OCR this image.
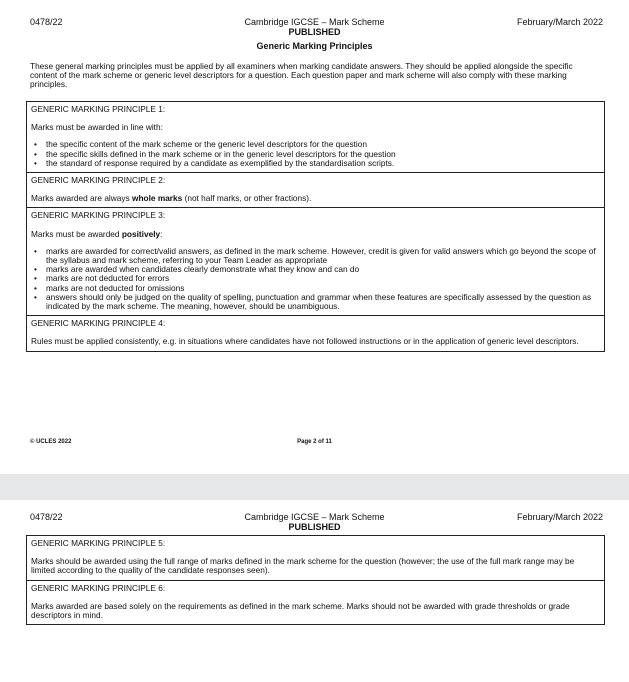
0478/22	Cambridge IGCSE – Mark Scheme	February/March 2022
PUBLISHED
Generic Marking Principles
These general marking principles must be applied by all examiners when marking candidate answers. They should be applied alongside the specific content of the mark scheme or generic level descriptors for a question. Each question paper and mark scheme will also comply with these marking principles.
GENERIC MARKING PRINCIPLE 1:

Marks must be awarded in line with:

• the specific content of the mark scheme or the generic level descriptors for the question
• the specific skills defined in the mark scheme or in the generic level descriptors for the question
• the standard of response required by a candidate as exemplified by the standardisation scripts.
GENERIC MARKING PRINCIPLE 2:

Marks awarded are always whole marks (not half marks, or other fractions).

GENERIC MARKING PRINCIPLE 3:

Marks must be awarded positively:

• marks are awarded for correct/valid answers, as defined in the mark scheme. However, credit is given for valid answers which go beyond the scope of the syllabus and mark scheme, referring to your Team Leader as appropriate
• marks are awarded when candidates clearly demonstrate what they know and can do
• marks are not deducted for errors
• marks are not deducted for omissions
• answers should only be judged on the quality of spelling, punctuation and grammar when these features are specifically assessed by the question as indicated by the mark scheme. The meaning, however, should be unambiguous.
GENERIC MARKING PRINCIPLE 4:

Rules must be applied consistently, e.g. in situations where candidates have not followed instructions or in the application of generic level descriptors.

© UCLES 2022	Page 2 of 11
0478/22	Cambridge IGCSE – Mark Scheme	February/March 2022
PUBLISHED
GENERIC MARKING PRINCIPLE 5:

Marks should be awarded using the full range of marks defined in the mark scheme for the question (however; the use of the full mark range may be limited according to the quality of the candidate responses seen).

GENERIC MARKING PRINCIPLE 6:

Marks awarded are based solely on the requirements as defined in the mark scheme. Marks should not be awarded with grade thresholds or grade descriptors in mind.
